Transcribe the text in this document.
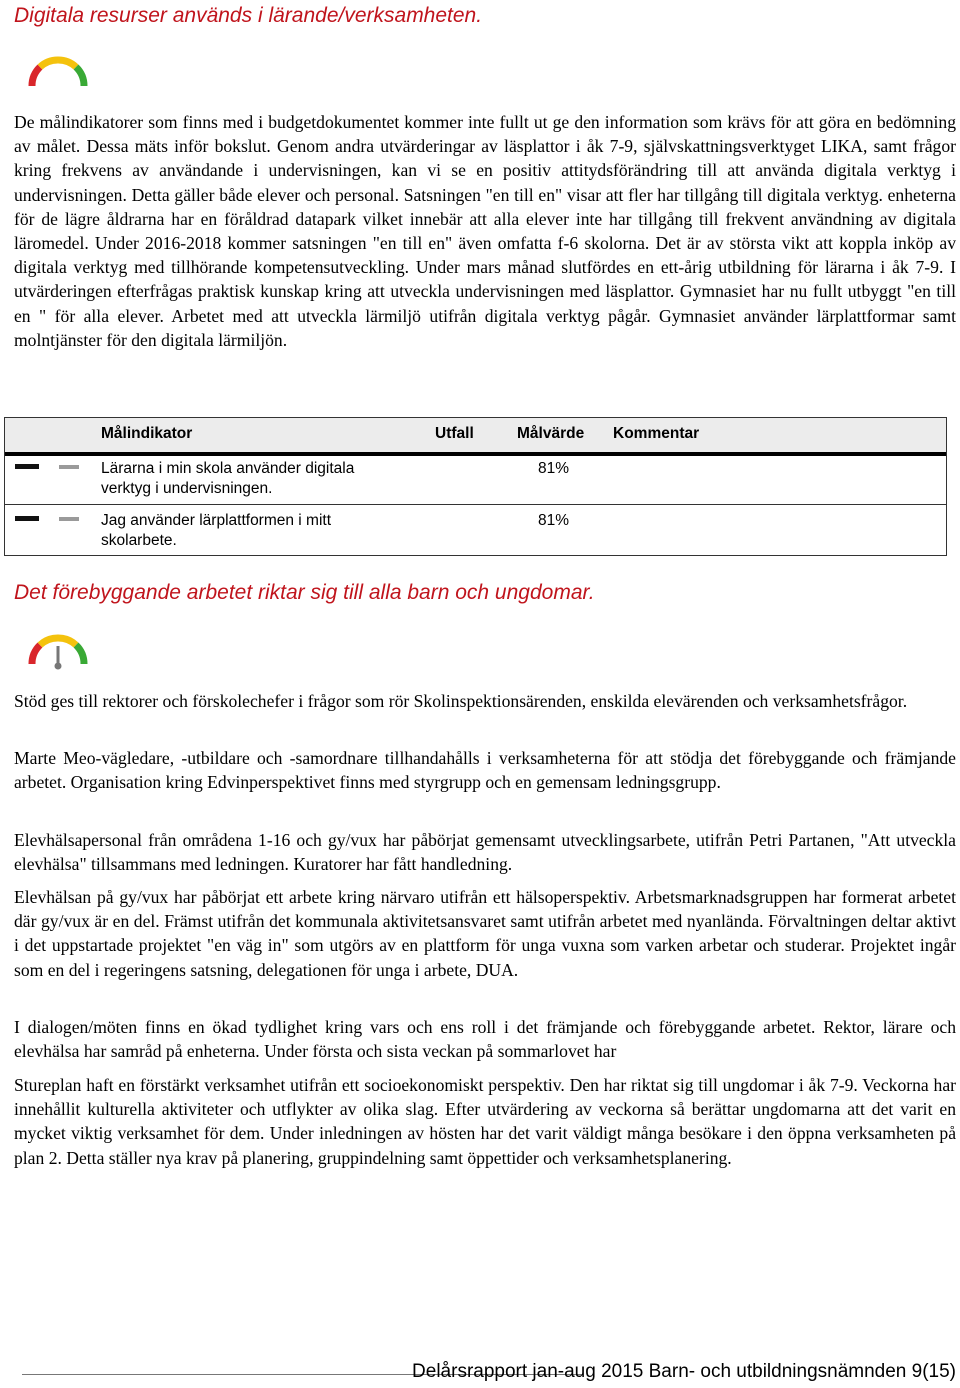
Digitala resurser används i lärande/verksamheten.

De målindikatorer som finns med i budgetdokumentet kommer inte fullt ut ge den information som krävs för att göra en bedömning av målet. Dessa mäts inför bokslut. Genom andra utvärderingar av läsplattor i åk 7-9, självskattningsverktyget LIKA, samt frågor kring frekvens av användande i undervisningen, kan vi se en positiv attitydsförändring till att använda digitala verktyg i undervisningen. Detta gäller både elever och personal. Satsningen "en till en" visar att fler har tillgång till digitala verktyg. enheterna för de lägre åldrarna har en föråldrad datapark vilket innebär att alla elever inte har tillgång till frekvent användning av digitala läromedel. Under 2016-2018 kommer satsningen "en till en" även omfatta f-6 skolorna. Det är av största vikt att koppla inköp av digitala verktyg med tillhörande kompetensutveckling. Under mars månad slutfördes en ett-årig utbildning för lärarna i åk 7-9. I utvärderingen efterfrågas praktisk kunskap kring att utveckla undervisningen med läsplattor. Gymnasiet har nu fullt utbyggt "en till en " för alla elever. Arbetet med att utveckla lärmiljö utifrån digitala verktyg pågår. Gymnasiet använder lärplattformar samt molntjänster för den digitala lärmiljön.

Målindikator	Utfall	Målvärde Kommentar
Lärarna i min skola använder digitala verktyg i undervisningen.
81%
Jag använder lärplattformen i mitt skolarbete.
81%
Det förebyggande arbetet riktar sig till alla barn och ungdomar.

Stöd ges till rektorer och förskolechefer i frågor som rör Skolinspektionsärenden, enskilda elevärenden och verksamhetsfrågor.

Marte Meo-vägledare, -utbildare och -samordnare tillhandahålls i verksamheterna för att stödja det förebyggande och främjande arbetet. Organisation kring Edvinperspektivet finns med styrgrupp och en gemensam ledningsgrupp.

Elevhälsapersonal från områdena 1-16 och gy/vux har påbörjat gemensamt utvecklingsarbete, utifrån Petri Partanen, "Att utveckla elevhälsa" tillsammans med ledningen. Kuratorer har fått handledning.

Elevhälsan på gy/vux har påbörjat ett arbete kring närvaro utifrån ett hälsoperspektiv. Arbetsmarknadsgruppen har formerat arbetet där gy/vux är en del. Främst utifrån det kommunala aktivitetsansvaret samt utifrån arbetet med nyanlända. Förvaltningen deltar aktivt i det uppstartade projektet "en väg in" som utgörs av en plattform för unga vuxna som varken arbetar och studerar. Projektet ingår som en del i regeringens satsning, delegationen för unga i arbete, DUA.

I dialogen/möten finns en ökad tydlighet kring vars och ens roll i det främjande och förebyggande arbetet. Rektor, lärare och elevhälsa har samråd på enheterna. Under första och sista veckan på sommarlovet har

Stureplan haft en förstärkt verksamhet utifrån ett socioekonomiskt perspektiv. Den har riktat sig till ungdomar i åk 7-9. Veckorna har innehållit kulturella aktiviteter och utflykter av olika slag. Efter utvärdering av veckorna så berättar ungdomarna att det varit en mycket viktig verksamhet för dem. Under inledningen av hösten har det varit väldigt många besökare i den öppna verksamheten på plan 2. Detta ställer nya krav på planering, gruppindelning samt öppettider och verksamhetsplanering.

Delårsrapport jan-aug 2015 Barn- och utbildningsnämnden 9(15)
